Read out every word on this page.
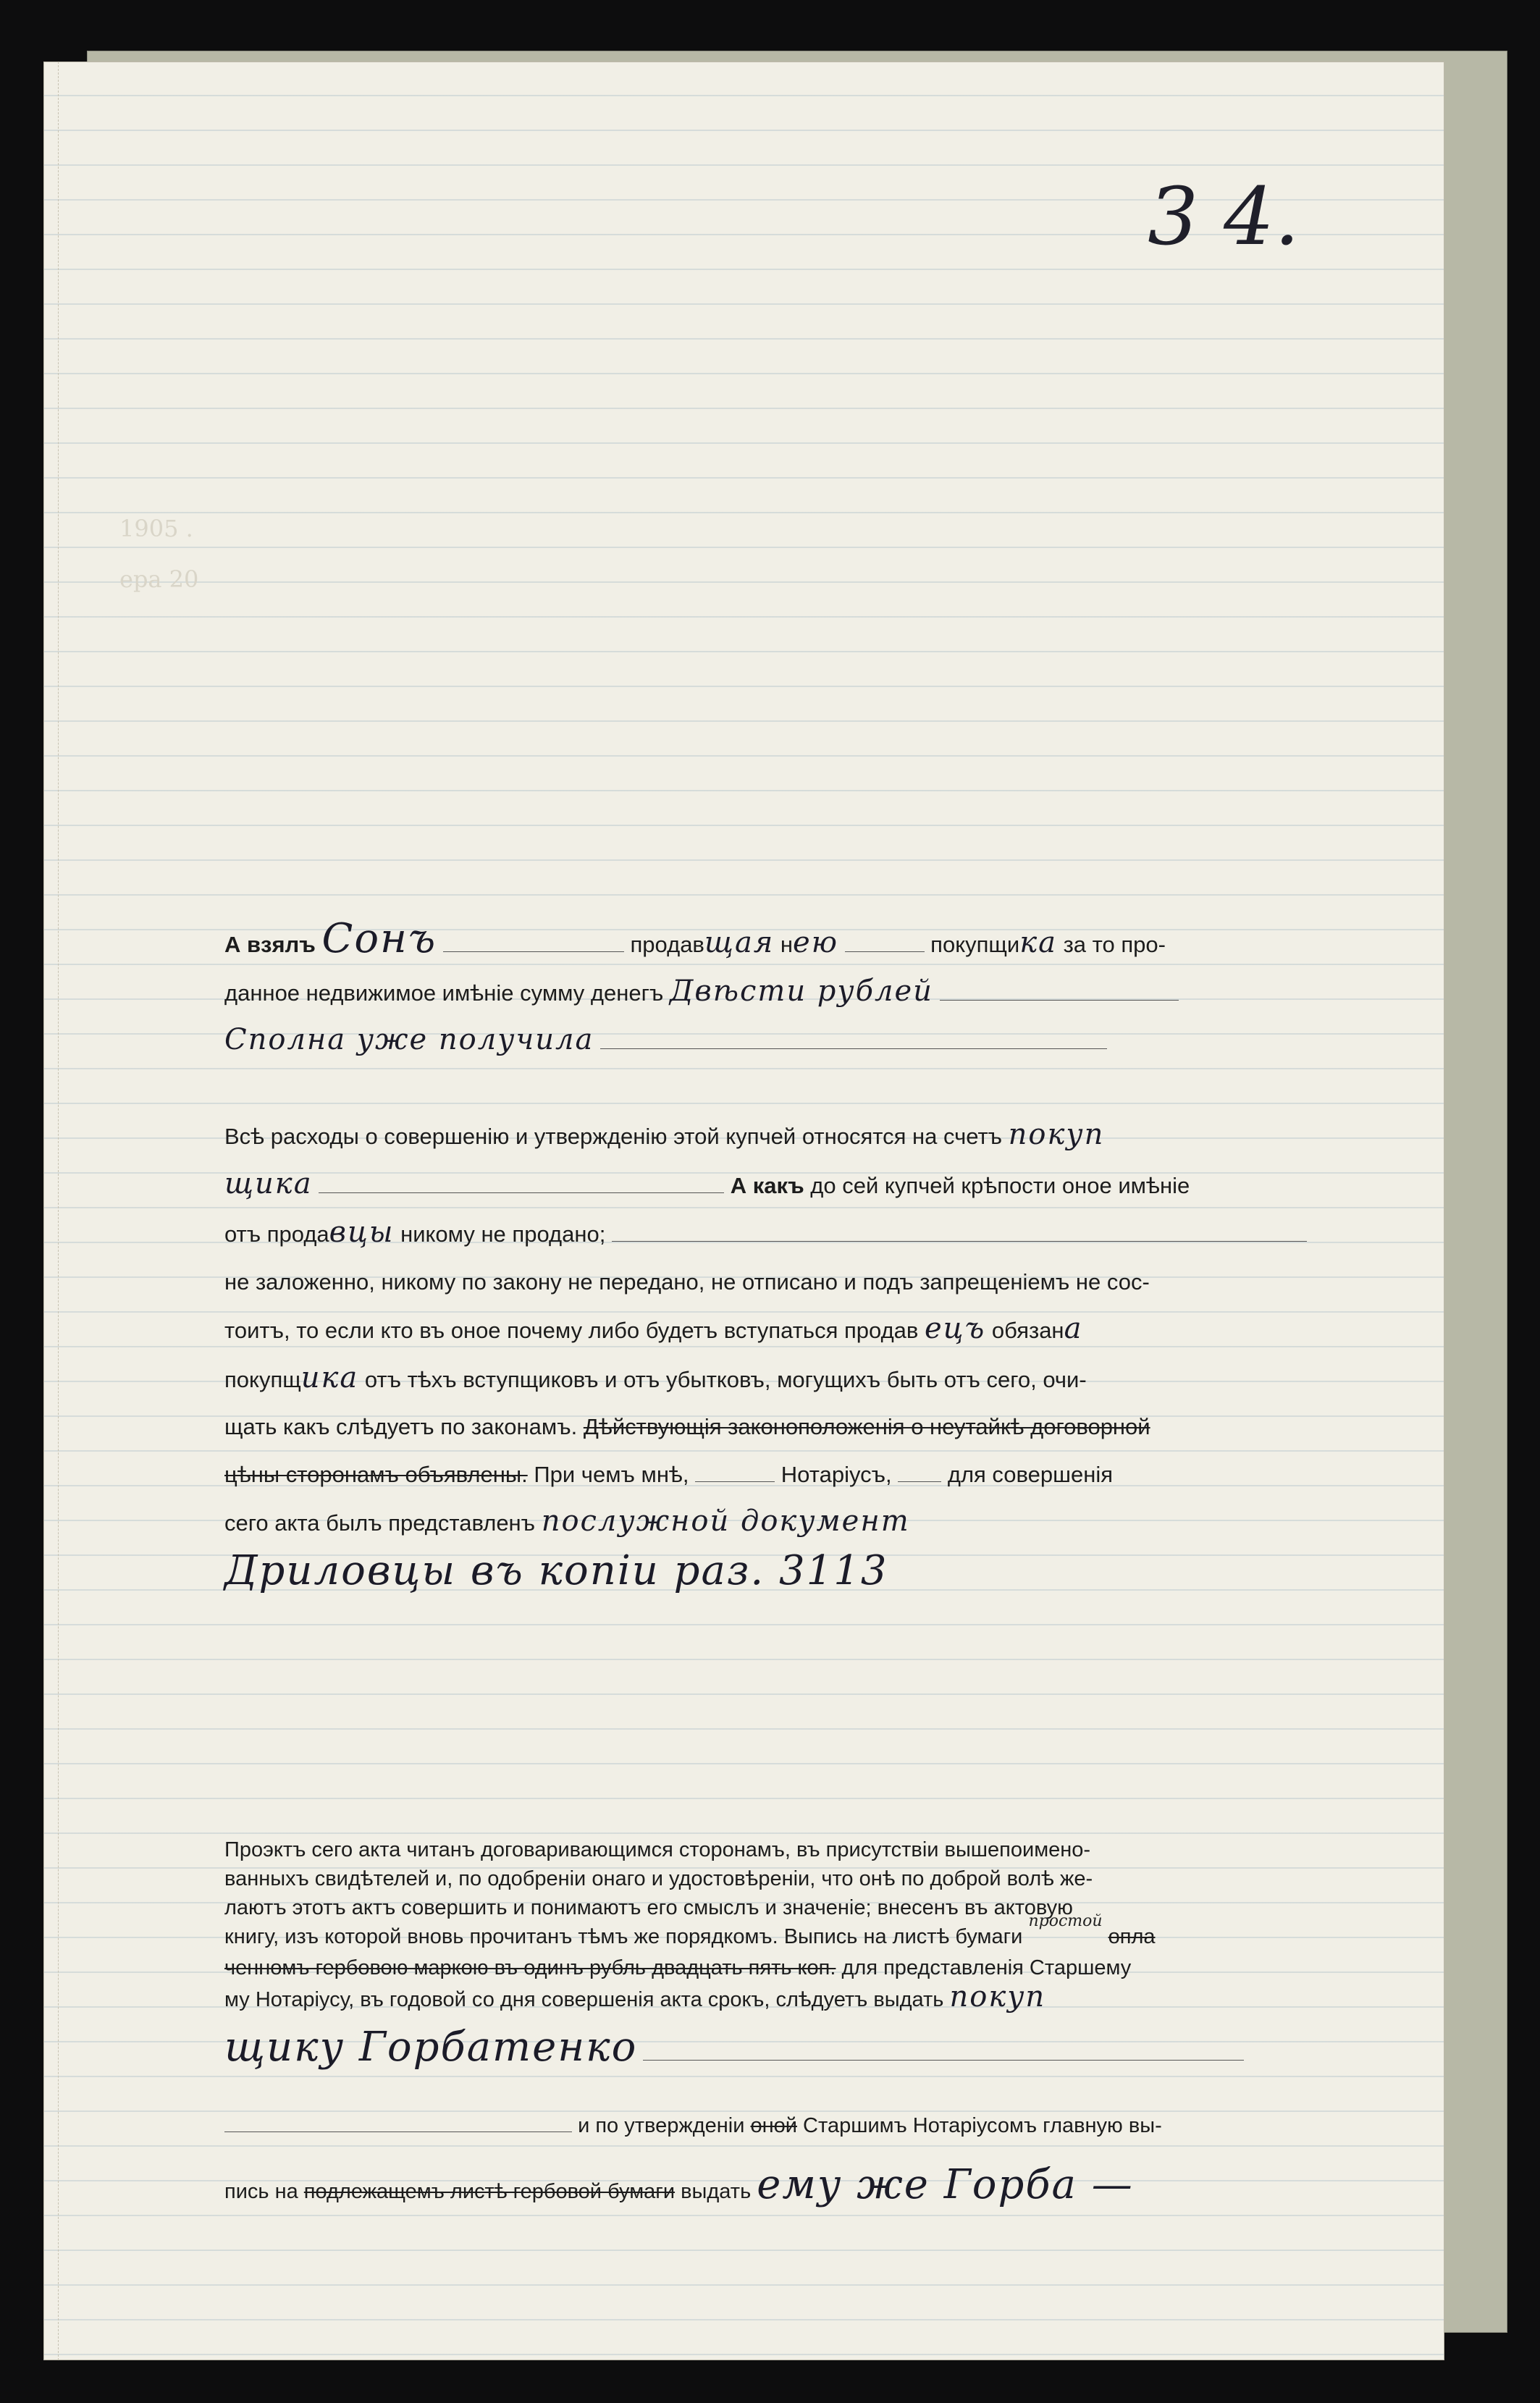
3 4.
1905 .
ера 20
А взялъ Сонъ	продавщая нею	покупщика за то про-
данное недвижимое имѣнiе сумму денегъ Двѣсти рублей
Сполна уже получила
Всѣ расходы о совершенiю и утвержденiю этой купчей относятся на счетъ покуп
щика	А какъ до сей купчей крѣпости оное имѣнiе
отъ продавцы никому не продано;
не заложенно, никому по закону не передано, не отписано и подъ запрещенiемъ не сос-
тоитъ, то если кто въ оное почему либо будетъ вступаться продав ецъ обязана
покупщика отъ тѣхъ вступщиковъ и отъ убытковъ, могущихъ быть отъ сего, очи-
щать какъ слѣдуетъ по законамъ. Дѣйствующiя законоположенiя о неутайкѣ договорной
цѣны сторонамъ объявлены. При чемъ мнѣ,	Нотарiусъ, для совершенiя
сего акта былъ представленъ послужной документ
Дриловцы въ копiи раз. 3113
Проэктъ сего акта читанъ договаривающимся сторонамъ, въ присутствiи вышепоимено-
ванныхъ свидѣтелей и, по одобренiи онаго и удостовѣренiи, что онѣ по доброй волѣ же-
лаютъ этотъ актъ совершить и понимаютъ его смыслъ и значенiе; внесенъ въ актовую
книгу, изъ которой вновь прочитанъ тѣмъ же порядкомъ. Выпись на листѣ бумаги $^{простой}$ опла
ченномъ гербовою маркою въ одинъ рубль двадцать пять коп. для представленiя Старшему
му Нотарiусу, въ годовой со дня совершенiя акта срокъ, слѣдуетъ выдать покуп
щику Горбатенко
и по утвержденiи оной Старшимъ Нотарiусомъ главную вы-
пись на подлежащемъ листѣ гербовой бумаги выдать ему же Горба —
